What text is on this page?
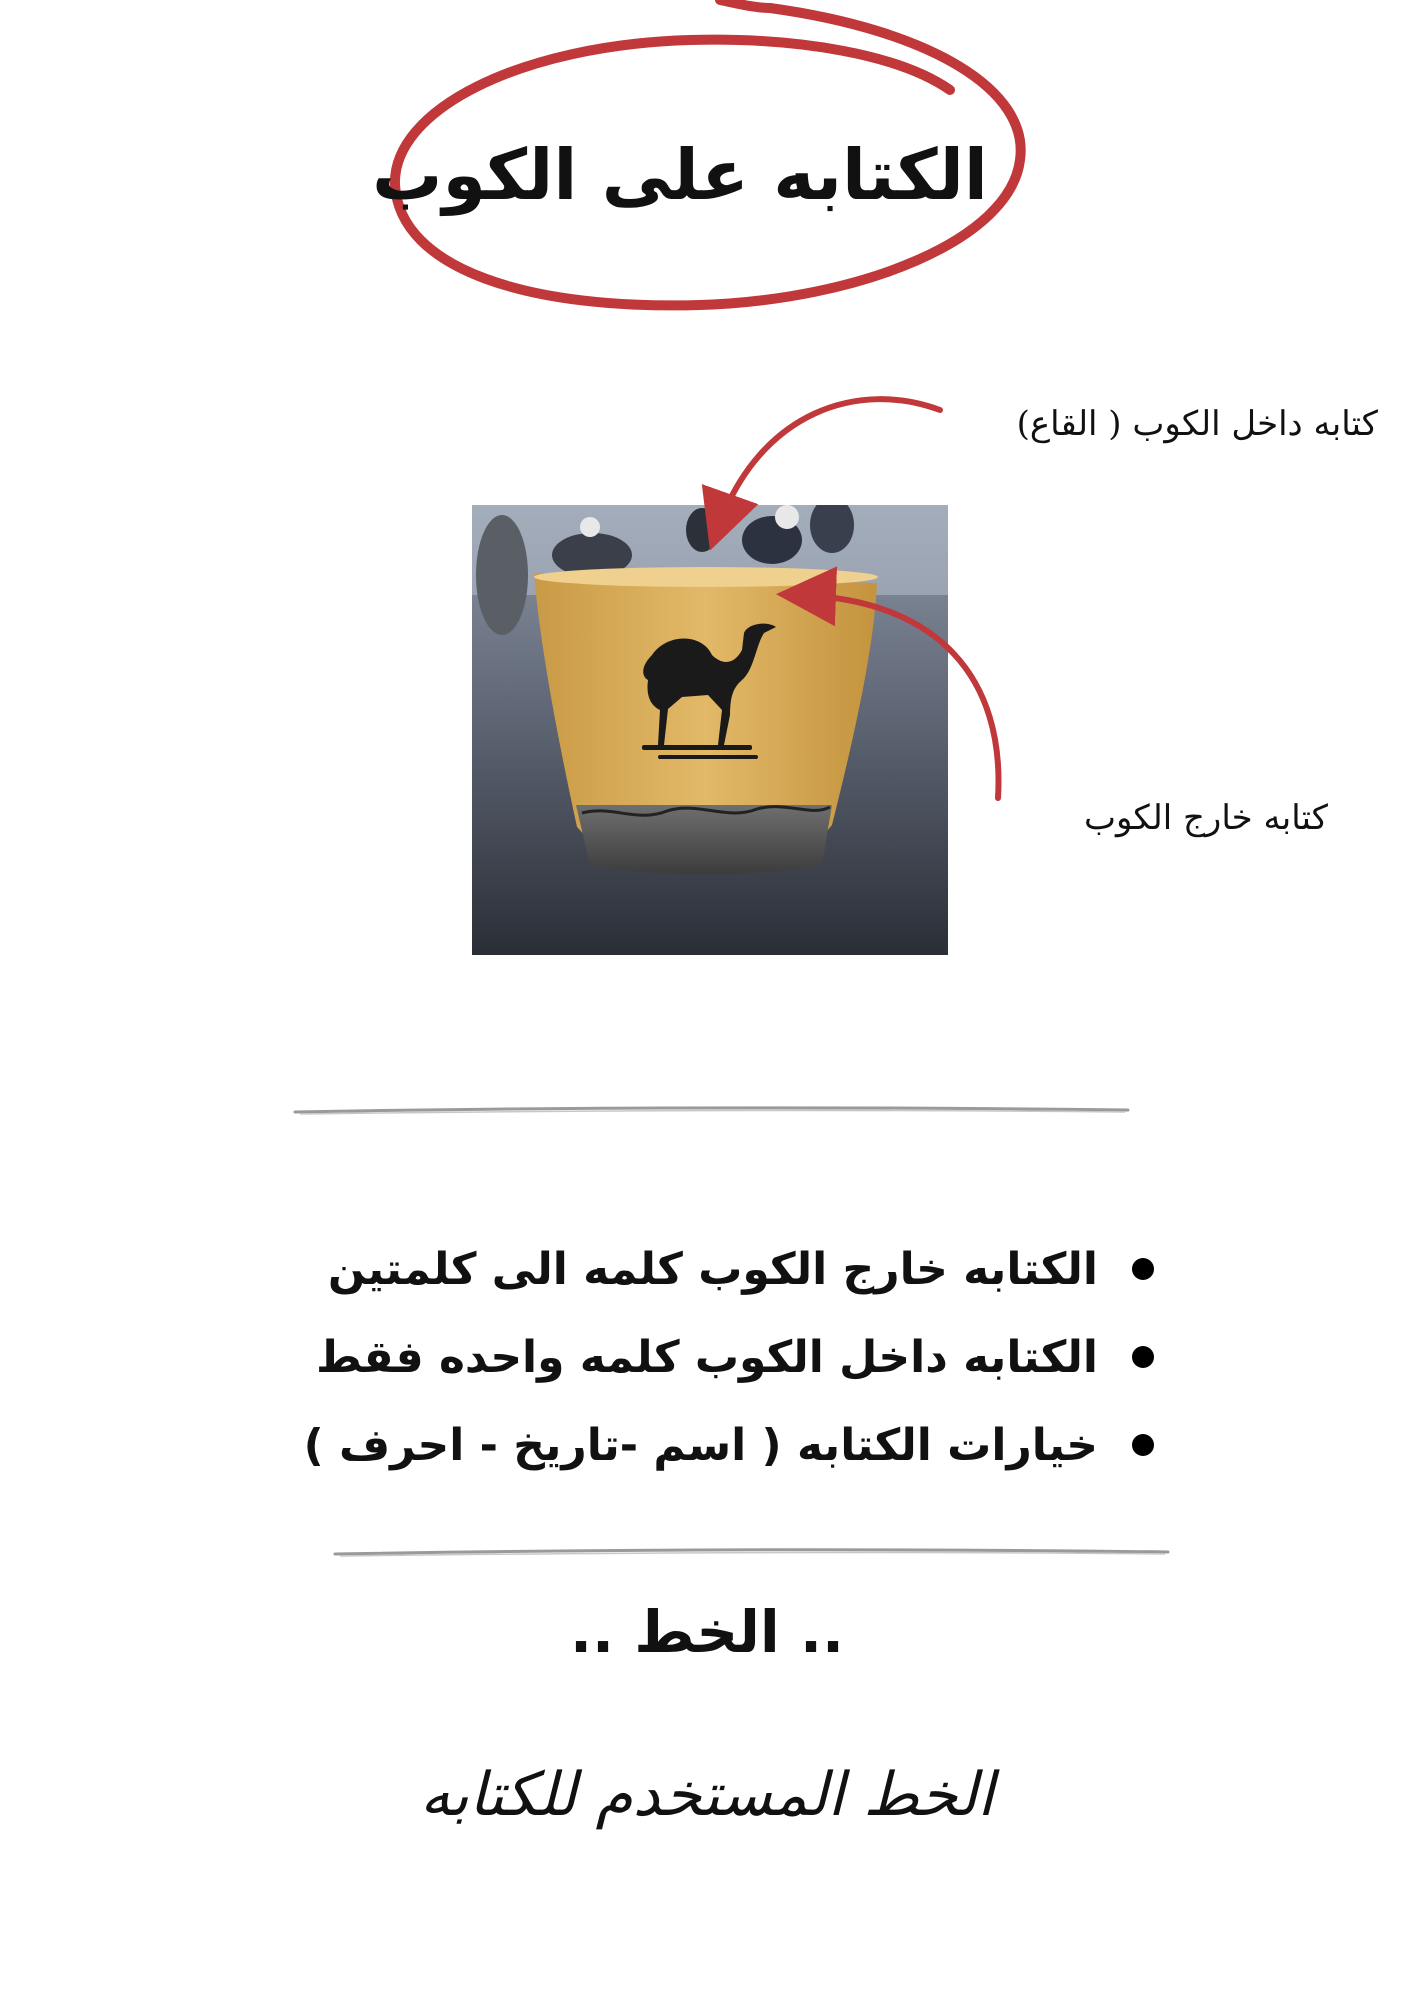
الكتابه على الكوب
كتابه داخل الكوب ( القاع)
كتابه خارج الكوب
الكتابه خارج الكوب كلمه الى كلمتين
الكتابه داخل الكوب كلمه واحده فقط
خيارات الكتابه ( اسم -تاريخ - احرف )
.. الخط ..
الخط المستخدم للكتابه
